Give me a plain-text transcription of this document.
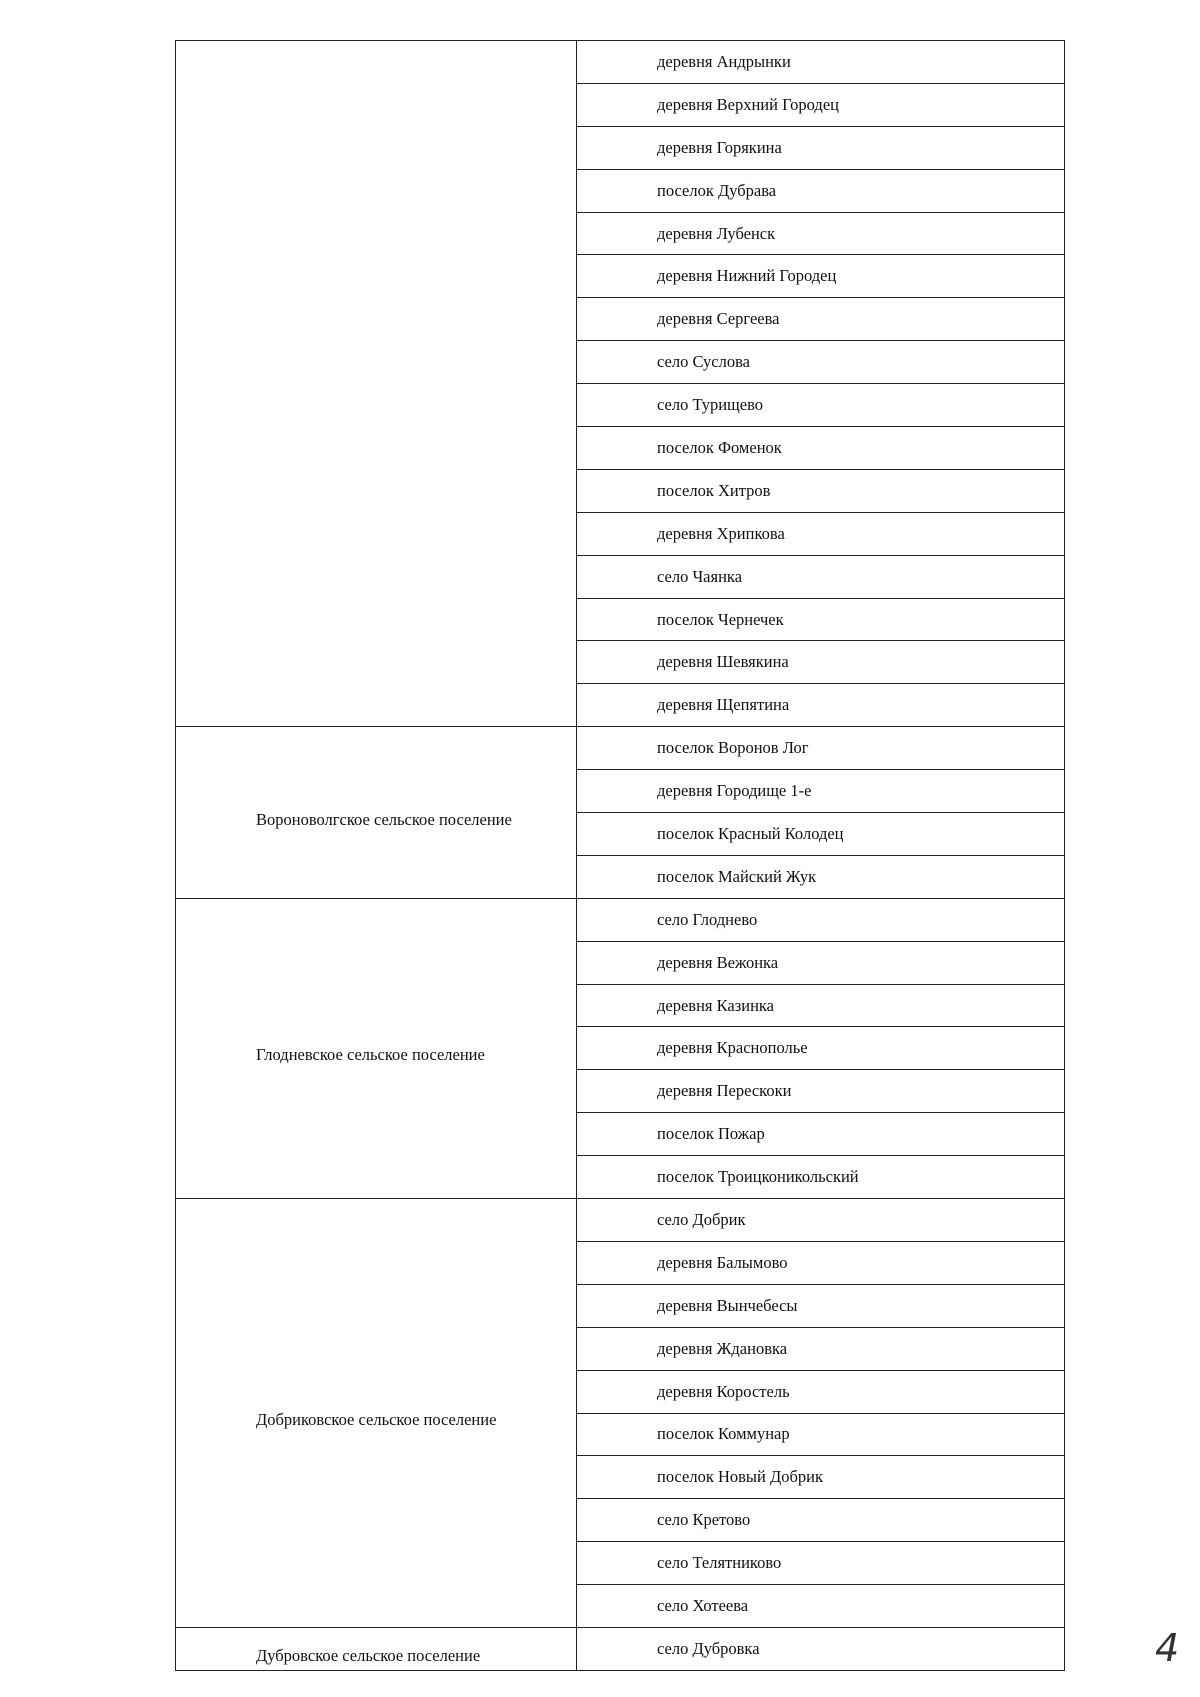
	деревня Андрынки
	деревня Верхний Городец
	деревня Горякина
	поселок Дубрава
	деревня Лубенск
	деревня Нижний Городец
	деревня Сергеева
	село Суслова
	село Турищево
	поселок Фоменок
	поселок Хитров
	деревня Хрипкова
	село Чаянка
	поселок Чернечек
	деревня Шевякина
	деревня Щепятина

Вороноволгское сельское поселение	поселок Воронов Лог
	деревня Городище 1-е
	поселок Красный Колодец
	поселок Майский Жук

Глодневское сельское поселение	село Глоднево
	деревня Вежонка
	деревня Казинка
	деревня Краснополье
	деревня Перескоки
	поселок Пожар
	поселок Троицконикольский

Добриковское сельское поселение	село Добрик
	деревня Балымово
	деревня Вынчебесы
	деревня Ждановка
	деревня Коростель
	поселок Коммунар
	поселок Новый Добрик
	село Кретово
	село Телятниково
	село Хотеева

Дубровское сельское поселение	село Дубровка	4
